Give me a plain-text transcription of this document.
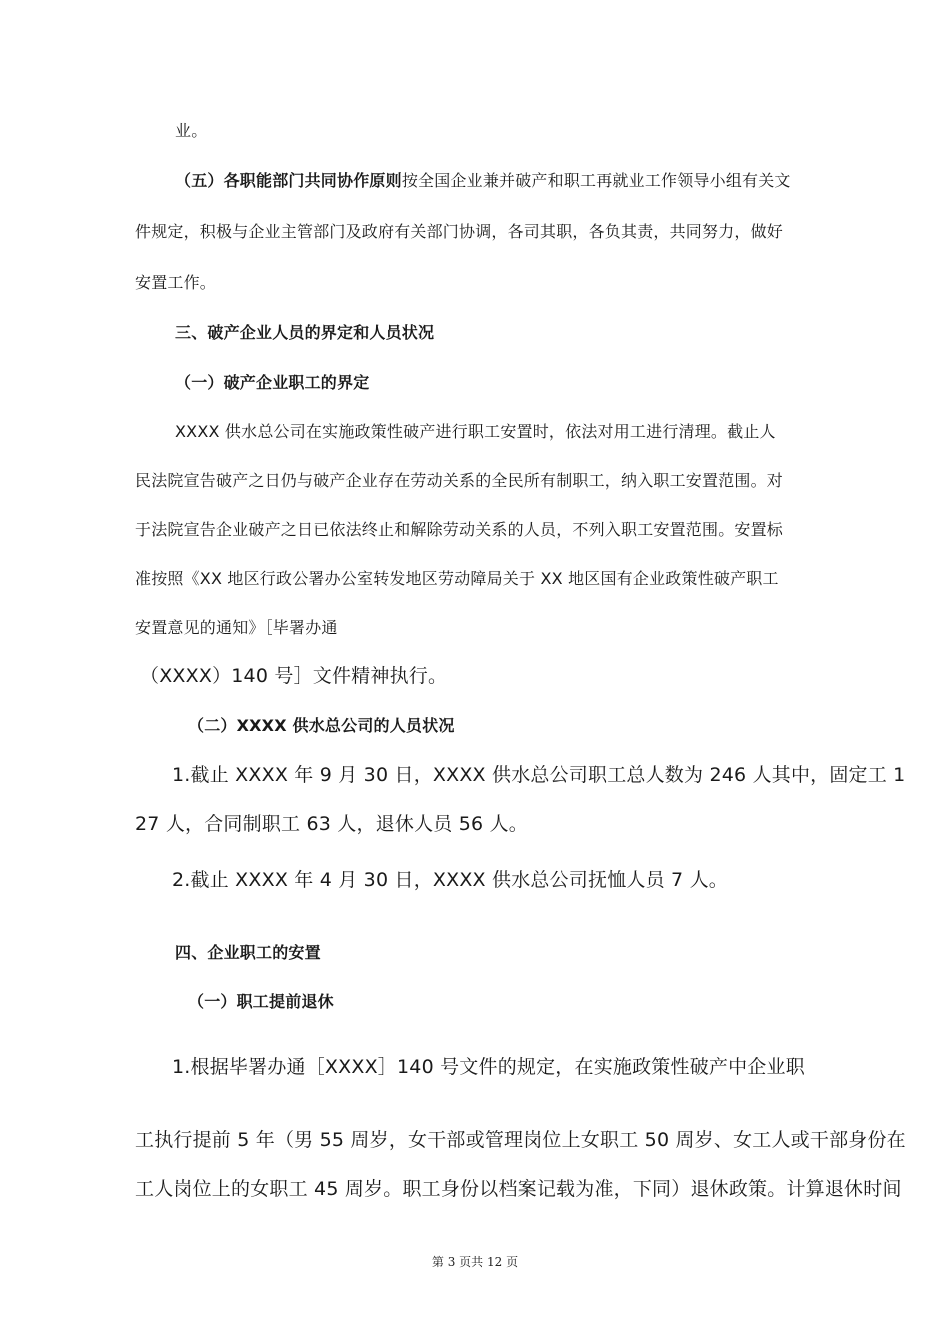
业。
（五）各职能部门共同协作原则按全国企业兼并破产和职工再就业工作领导小组有关文
件规定，积极与企业主管部门及政府有关部门协调，各司其职，各负其责，共同努力，做好
安置工作。
三、破产企业人员的界定和人员状况
（一）破产企业职工的界定
XXXX 供水总公司在实施政策性破产进行职工安置时，依法对用工进行清理。截止人
民法院宣告破产之日仍与破产企业存在劳动关系的全民所有制职工，纳入职工安置范围。对
于法院宣告企业破产之日已依法终止和解除劳动关系的人员，不列入职工安置范围。安置标
准按照《XX 地区行政公署办公室转发地区劳动障局关于 XX 地区国有企业政策性破产职工
安置意见的通知》［毕署办通
（XXXX）140 号］文件精神执行。
（二）XXXX 供水总公司的人员状况
1.截止 XXXX 年 9 月 30 日，XXXX 供水总公司职工总人数为 246 人其中，固定工 1
27 人，合同制职工 63 人，退休人员 56 人。
2.截止 XXXX 年 4 月 30 日，XXXX 供水总公司抚恤人员 7 人。
四、企业职工的安置
（一）职工提前退休
1.根据毕署办通［XXXX］140 号文件的规定，在实施政策性破产中企业职
工执行提前 5 年（男 55 周岁，女干部或管理岗位上女职工 50 周岁、女工人或干部身份在
工人岗位上的女职工 45 周岁。职工身份以档案记载为准，下同）退休政策。计算退休时间
第 3 页共 12 页
